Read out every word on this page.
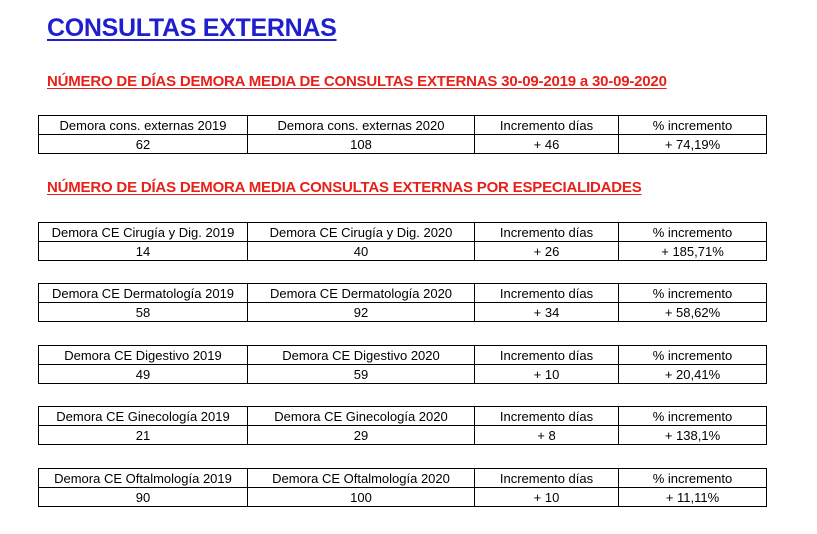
CONSULTAS EXTERNAS
NÚMERO DE DÍAS DEMORA MEDIA DE CONSULTAS EXTERNAS 30-09-2019 a 30-09-2020
Demora cons. externas 2019	Demora cons. externas 2020	Incremento días	% incremento
62	108	+ 46	+ 74,19%
NÚMERO DE DÍAS DEMORA MEDIA CONSULTAS EXTERNAS POR ESPECIALIDADES
Demora CE Cirugía y Dig. 2019	Demora CE Cirugía y Dig. 2020	Incremento días	% incremento
14	40	+ 26	+ 185,71%
Demora CE Dermatología 2019	Demora CE Dermatología 2020	Incremento días	% incremento
58	92	+ 34	+ 58,62%
Demora CE Digestivo 2019	Demora CE Digestivo 2020	Incremento días	% incremento
49	59	+ 10	+ 20,41%
Demora CE Ginecología 2019	Demora CE Ginecología 2020	Incremento días	% incremento
21	29	+ 8	+ 138,1%
Demora CE Oftalmología 2019	Demora CE Oftalmología 2020	Incremento días	% incremento
90	100	+ 10	+ 11,11%
